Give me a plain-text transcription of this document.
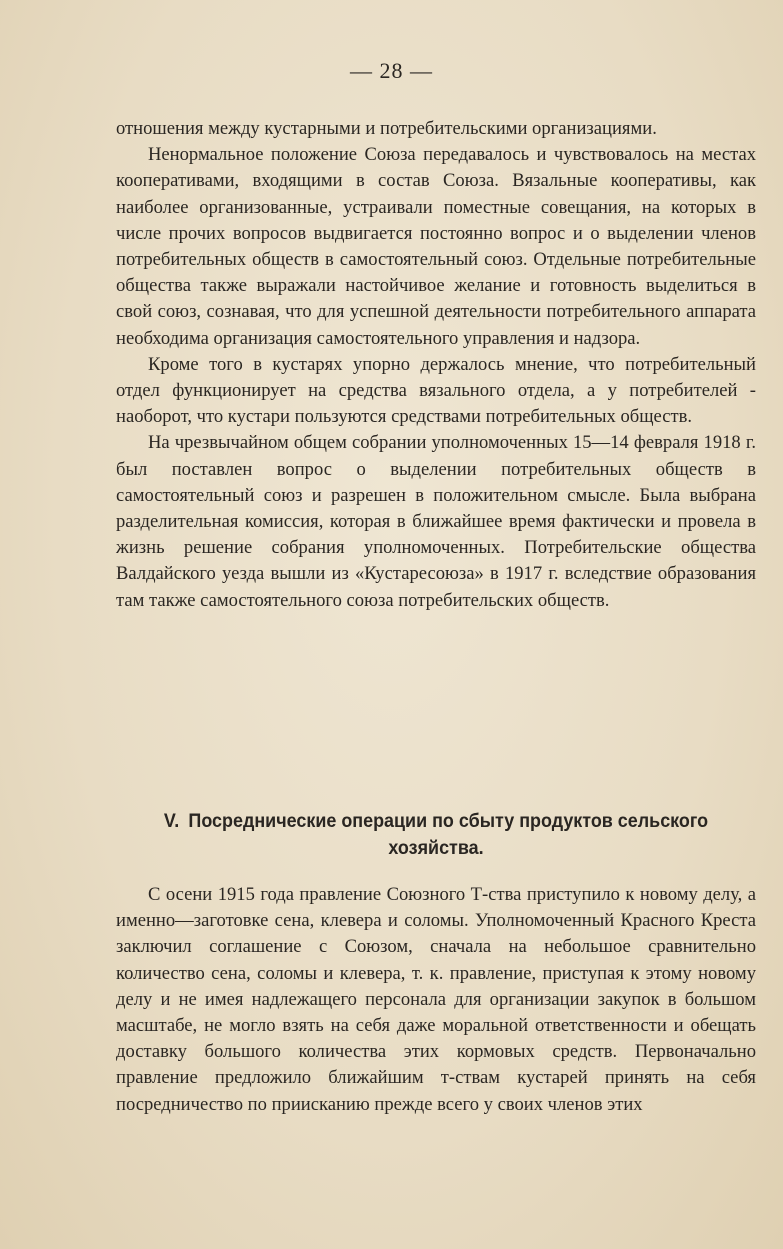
— 28 —

отношения между кустарными и потребительскими организациями.

Ненормальное положение Союза передавалось и чувствовалось на местах кооперативами, входящими в состав Союза. Вязальные кооперативы, как наиболее организованные, устраивали поместные совещания, на которых в числе прочих вопросов выдвигается постоянно вопрос и о выделении членов потребительных обществ в самостоятельный союз. Отдельные потребительные общества также выражали настойчивое желание и готовность выделиться в свой союз, сознавая, что для успешной деятельности потребительного аппарата необходима организация самостоятельного управления и надзора.

Кроме того в кустарях упорно держалось мнение, что потребительный отдел функционирует на средства вязального отдела, а у потребителей - наоборот, что кустари пользуются средствами потребительных обществ.

На чрезвычайном общем собрании уполномоченных 15—14 февраля 1918 г. был поставлен вопрос о выделении потребительных обществ в самостоятельный союз и разрешен в положительном смысле. Была выбрана разделительная комиссия, которая в ближайшее время фактически и провела в жизнь решение собрания уполномоченных. Потребительские общества Валдайского уезда вышли из «Кустаресоюза» в 1917 г. вследствие образования там также самостоятельного союза потребительских обществ.

V. Посреднические операции по сбыту продуктов сельского хозяйства.

С осени 1915 года правление Союзного Т-ства приступило к новому делу, а именно—заготовке сена, клевера и соломы. Уполномоченный Красного Креста заключил соглашение с Союзом, сначала на небольшое сравнительно количество сена, соломы и клевера, т. к. правление, приступая к этому новому делу и не имея надлежащего персонала для организации закупок в большом масштабе, не могло взять на себя даже моральной ответственности и обещать доставку большого количества этих кормовых средств. Первоначально правление предложило ближайшим т-ствам кустарей принять на себя посредничество по приисканию прежде всего у своих членов этих
